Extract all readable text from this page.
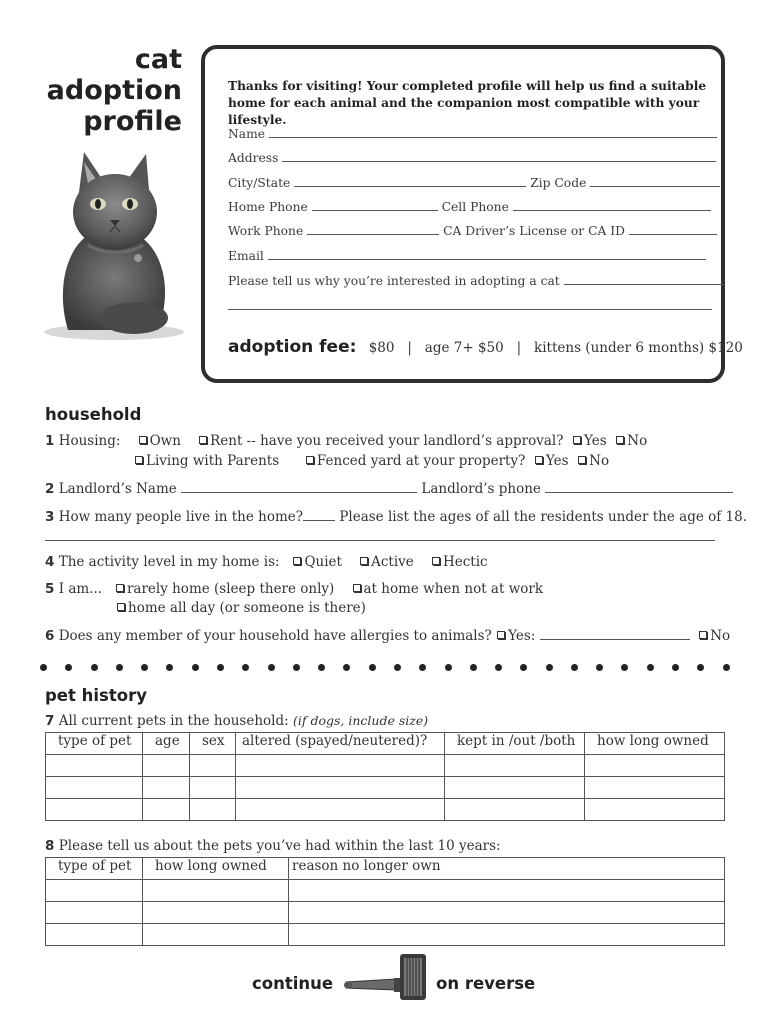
cat
adoption
profile
Thanks for visiting! Your completed profile will help us find a suitable home for each animal and the companion most compatible with your lifestyle.
Name
Address
City/State	Zip Code
Home Phone	Cell Phone
Work Phone	CA Driver’s License or CA ID
Email
Please tell us why you’re interested in adopting a cat
adoption fee: $80 | age 7+ $50 | kittens (under 6 months) $120
household
1 Housing: Own Rent -- have you received your landlord’s approval? Yes No
Living with Parents	Fenced yard at your property? Yes No
2 Landlord’s Name	Landlord’s phone
3 How many people live in the home?	Please list the ages of all the residents under the age of 18.
4 The activity level in my home is: Quiet Active Hectic
5 I am... rarely home (sleep there only) at home when not at work
home all day (or someone is there)
6 Does any member of your household have allergies to animals? Yes:	No
pet history
7 All current pets in the household: (if dogs, include size)
type of pet	age	sex	altered (spayed/neutered)?	kept in /out /both	how long owned

8 Please tell us about the pets you’ve had within the last 10 years:
type of pet	how long owned	reason no longer own

continue	on reverse
